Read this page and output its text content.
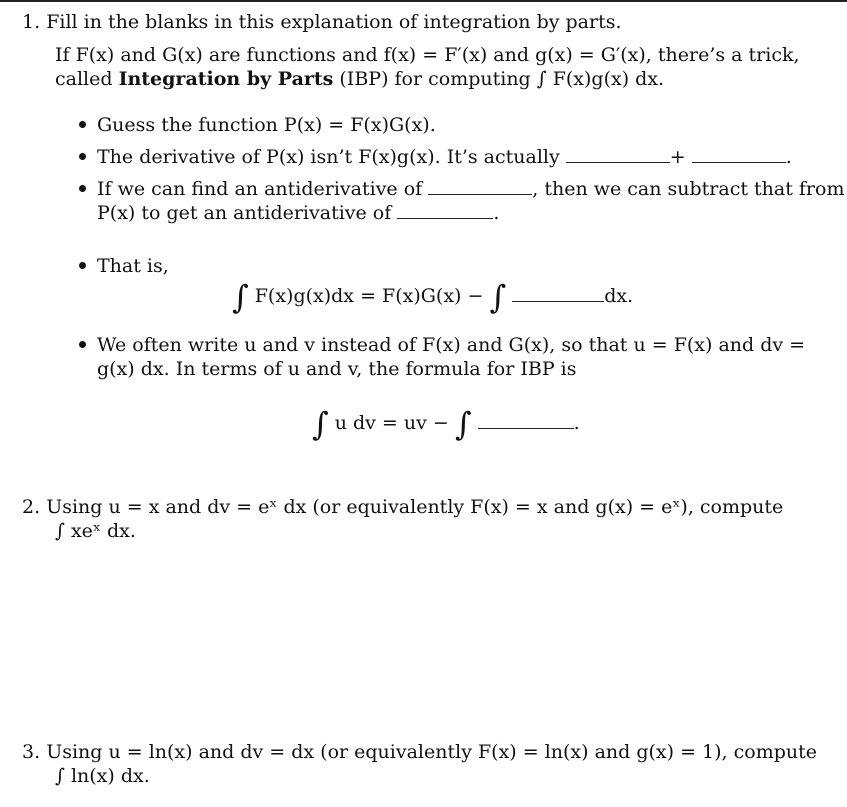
1. Fill in the blanks in this explanation of integration by parts.
If F(x) and G(x) are functions and f(x) = F′(x) and g(x) = G′(x), there’s a trick,
called Integration by Parts (IBP) for computing ∫ F(x)g(x) dx.
Guess the function P(x) = F(x)G(x).
The derivative of P(x) isn’t F(x)g(x). It’s actually	+	.
If we can find an antiderivative of	, then we can subtract that from
P(x) to get an antiderivative of	.
That is,
∫ F(x)g(x)dx = F(x)G(x) − ∫	dx.
We often write u and v instead of F(x) and G(x), so that u = F(x) and dv =
g(x) dx. In terms of u and v, the formula for IBP is
∫ u dv = uv − ∫	.
2. Using u = x and dv = eˣ dx (or equivalently F(x) = x and g(x) = eˣ), compute
∫ xeˣ dx.
3. Using u = ln(x) and dv = dx (or equivalently F(x) = ln(x) and g(x) = 1), compute
∫ ln(x) dx.
